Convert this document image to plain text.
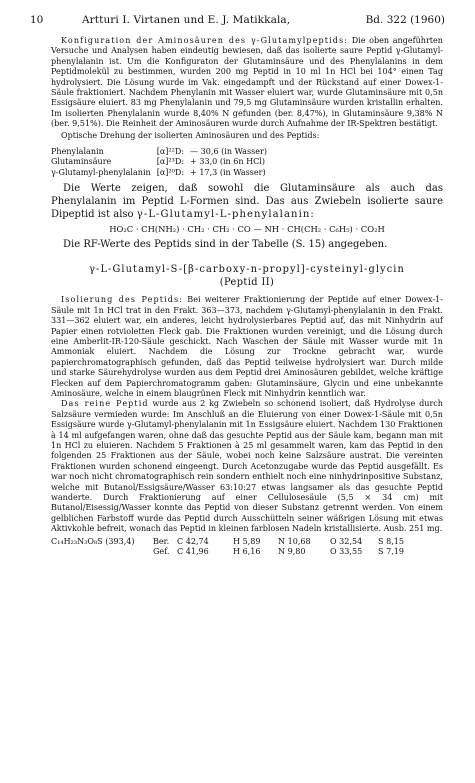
10	Artturi I. Virtanen und E. J. Matikkala,	Bd. 322 (1960)

Konfiguration der Aminosäuren des γ-Glutamylpeptids: Die oben angeführten Versuche und Analysen haben eindeutig bewiesen, daß das isolierte saure Peptid γ-Glutamyl-phenylalanin ist. Um die Konfiguraton der Glutaminsäure und des Phenylalanins in dem Peptidmolekül zu bestimmen, wurden 200 mg Peptid in 10 ml 1n HCl bei 104° einen Tag hydrolysiert. Die Lösung wurde im Vak. eingedampft und der Rückstand auf einer Dowex-1-Säule fraktioniert. Nachdem Phenylanin mit Wasser eluiert war, wurde Glutaminsäure mit 0,5n Essigsäure eluiert. 83 mg Phenylalanin und 79,5 mg Glutaminsäure wurden kristallin erhalten. Im isolierten Phenylalanin wurde 8,40% N gefunden (ber. 8,47%), in Glutaminsäure 9,38% N (ber. 9,51%). Die Reinheit der Aminosäuren wurde durch Aufnahme der IR-Spektren bestätigt.

Optische Drehung der isolierten Aminosäuren und des Peptids:

Phenylalanin	[α]²²D:	— 30,6 (in Wasser)
Glutaminsäure	[α]²³D:	+ 33,0 (in 6n HCl)
γ-Glutamyl-phenylalanin	[α]²⁰D:	+ 17,3 (in Wasser)

Die Werte zeigen, daß sowohl die Glutaminsäure als auch das Phenylalanin im Peptid L-Formen sind. Das aus Zwiebeln isolierte saure Dipeptid ist also γ-L-Glutamyl-L-phenylalanin:

HO₂C · CH(NH₂) · CH₂ · CH₂ · CO — NH · CH(CH₂ · C₆H₅) · CO₂H

Die RF-Werte des Peptids sind in der Tabelle (S. 15) angegeben.

γ-L-Glutamyl-S-[β-carboxy-n-propyl]-cysteinyl-glycin
(Peptid II)

Isolierung des Peptids: Bei weiterer Fraktionierung der Peptide auf einer Dowex-1-Säule mit 1n HCl trat in den Frakt. 363—373, nachdem γ-Glutamyl-phenylalanin in den Frakt. 331—362 eluiert war, ein anderes, leicht hydrolysierbares Peptid auf, das mit Ninhydrin auf Papier einen rotvioletten Fleck gab. Die Fraktionen wurden vereinigt, und die Lösung durch eine Amberlit-IR-120-Säule geschickt. Nach Waschen der Säule mit Wasser wurde mit 1n Ammoniak eluiert. Nachdem die Lösung zur Trockne gebracht war, wurde papierchromatographisch gefunden, daß das Peptid teilweise hydrolysiert war. Durch milde und starke Säurehydrolyse wurden aus dem Peptid drei Aminosäuren gebildet, welche kräftige Flecken auf dem Papierchromatogramm gaben: Glutaminsäure, Glycin und eine unbekannte Aminosäure, welche in einem blaugrünen Fleck mit Ninhydrin kenntlich war.

Das reine Peptid wurde aus 2 kg Zwiebeln so schonend isoliert, daß Hydrolyse durch Salzsäure vermieden wurde: Im Anschluß an die Eluierung von einer Dowex-1-Säule mit 0,5n Essigsäure wurde γ-Glutamyl-phenylalanin mit 1n Essigsäure eluiert. Nachdem 130 Fraktionen à 14 ml aufgefangen waren, ohne daß das gesuchte Peptid aus der Säule kam, begann man mit 1n HCl zu eluieren. Nachdem 5 Fraktionen à 25 ml gesammelt waren, kam das Peptid in den folgenden 25 Fraktionen aus der Säule, wobei noch keine Salzsäure austrat. Die vereinten Fraktionen wurden schonend eingeengt. Durch Acetonzugabe wurde das Peptid ausgefällt. Es war noch nicht chromatographisch rein sondern enthielt noch eine ninhydrinpositive Substanz, welche mit Butanol/Essigsäure/Wasser 63:10:27 etwas langsamer als das gesuchte Peptid wanderte. Durch Fraktionierung auf einer Cellulosesäule (5,5 × 34 cm) mit Butanol/Eisessig/Wasser konnte das Peptid von dieser Substanz getrennt werden. Von einem gelblichen Farbstoff wurde das Peptid durch Ausschütteln seiner wäßrigen Lösung mit etwas Aktivkohle befreit, wonach das Peptid in kleinen farblosen Nadeln kristallisierte. Ausb. 251 mg.

C₁₄H₂₃N₃O₈S (393,4)	Ber. C 42,74	H 5,89	N 10,68	O 32,54	S 8,15
Gef. C 41,96	H 6,16	N 9,80	O 33,55	S 7,19
